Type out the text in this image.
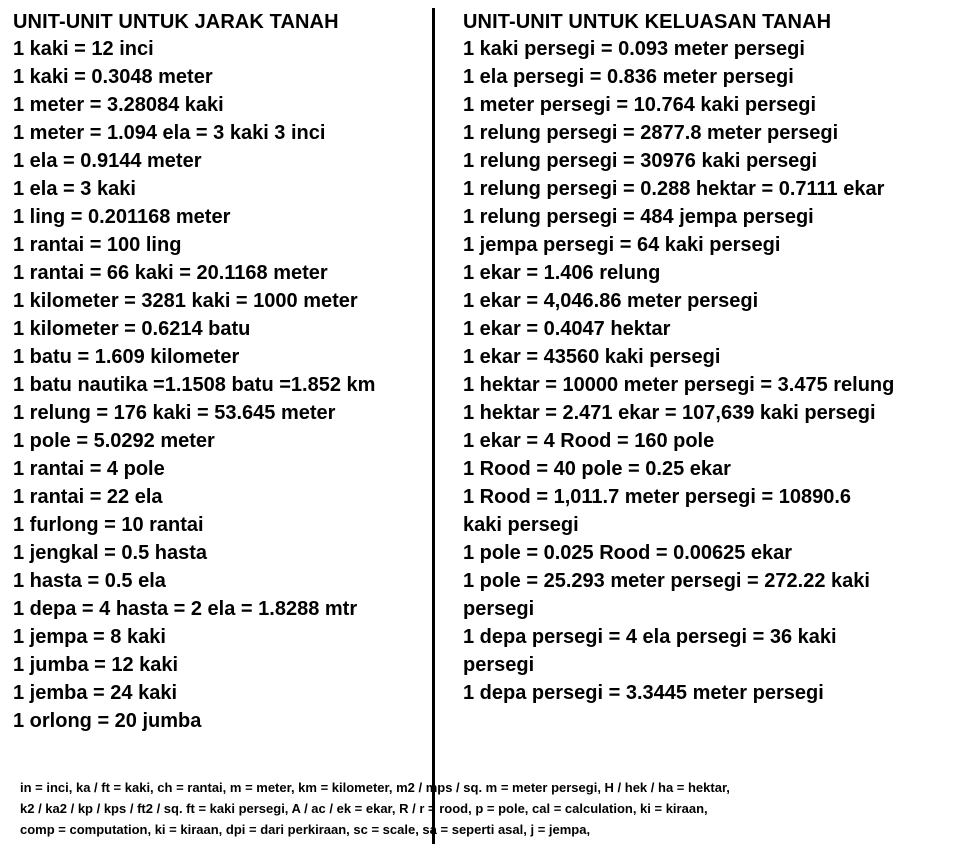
UNIT-UNIT UNTUK JARAK TANAH
1 kaki = 12 inci
1 kaki = 0.3048 meter
1 meter = 3.28084 kaki
1 meter = 1.094 ela = 3 kaki 3 inci
1 ela = 0.9144 meter
1 ela = 3 kaki
1 ling = 0.201168 meter
1 rantai = 100 ling
1 rantai = 66 kaki = 20.1168 meter
1 kilometer = 3281 kaki = 1000 meter
1 kilometer = 0.6214 batu
1 batu = 1.609 kilometer
1 batu nautika =1.1508 batu =1.852 km
1 relung = 176 kaki = 53.645 meter
1 pole = 5.0292 meter
1 rantai = 4 pole
1 rantai = 22 ela
1 furlong = 10 rantai
1 jengkal = 0.5 hasta
1 hasta = 0.5 ela
1 depa = 4 hasta = 2 ela = 1.8288 mtr
1 jempa = 8 kaki
1 jumba = 12 kaki
1 jemba = 24 kaki
1 orlong = 20 jumba
UNIT-UNIT UNTUK KELUASAN TANAH
1 kaki persegi = 0.093 meter persegi
1 ela persegi = 0.836 meter persegi
1 meter persegi = 10.764 kaki persegi
1 relung persegi = 2877.8 meter persegi
1 relung persegi = 30976 kaki persegi
1 relung persegi = 0.288 hektar = 0.7111 ekar
1 relung persegi = 484 jempa persegi
1 jempa persegi = 64 kaki persegi
1 ekar = 1.406 relung
1 ekar = 4,046.86 meter persegi
1 ekar = 0.4047 hektar
1 ekar = 43560 kaki persegi
1 hektar = 10000 meter persegi = 3.475 relung
1 hektar = 2.471 ekar = 107,639 kaki persegi
1 ekar = 4 Rood = 160 pole
1 Rood = 40 pole = 0.25 ekar
1 Rood = 1,011.7 meter persegi = 10890.6
kaki persegi
1 pole = 0.025 Rood = 0.00625 ekar
1 pole = 25.293 meter persegi = 272.22 kaki
persegi
1 depa persegi = 4 ela persegi = 36 kaki
persegi
1 depa persegi = 3.3445 meter persegi
in = inci, ka / ft = kaki, ch = rantai, m = meter, km = kilometer, m2 / mps / sq. m = meter persegi, H / hek / ha = hektar,
k2 / ka2 / kp / kps / ft2 / sq. ft = kaki persegi, A / ac / ek = ekar, R / r = rood, p = pole, cal = calculation, ki = kiraan,
comp = computation, ki = kiraan, dpi = dari perkiraan, sc = scale, sa = seperti asal, j = jempa,
